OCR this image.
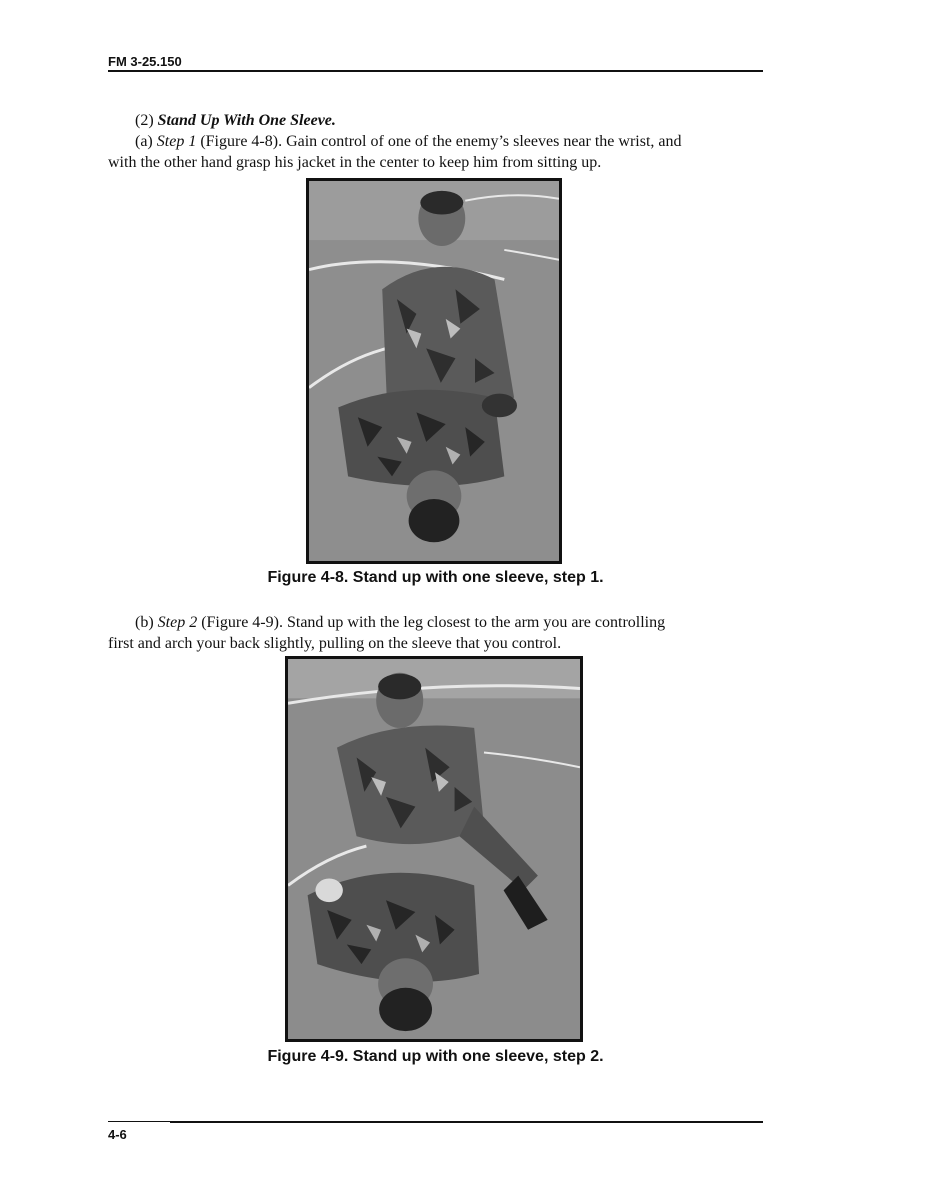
FM 3-25.150
(2) Stand Up With One Sleeve.
(a) Step 1 (Figure 4-8). Gain control of one of the enemy’s sleeves near the wrist, and
with the other hand grasp his jacket in the center to keep him from sitting up.
Figure 4-8. Stand up with one sleeve, step 1.
(b) Step 2 (Figure 4-9). Stand up with the leg closest to the arm you are controlling
first and arch your back slightly, pulling on the sleeve that you control.
Figure 4-9. Stand up with one sleeve, step 2.
4-6
